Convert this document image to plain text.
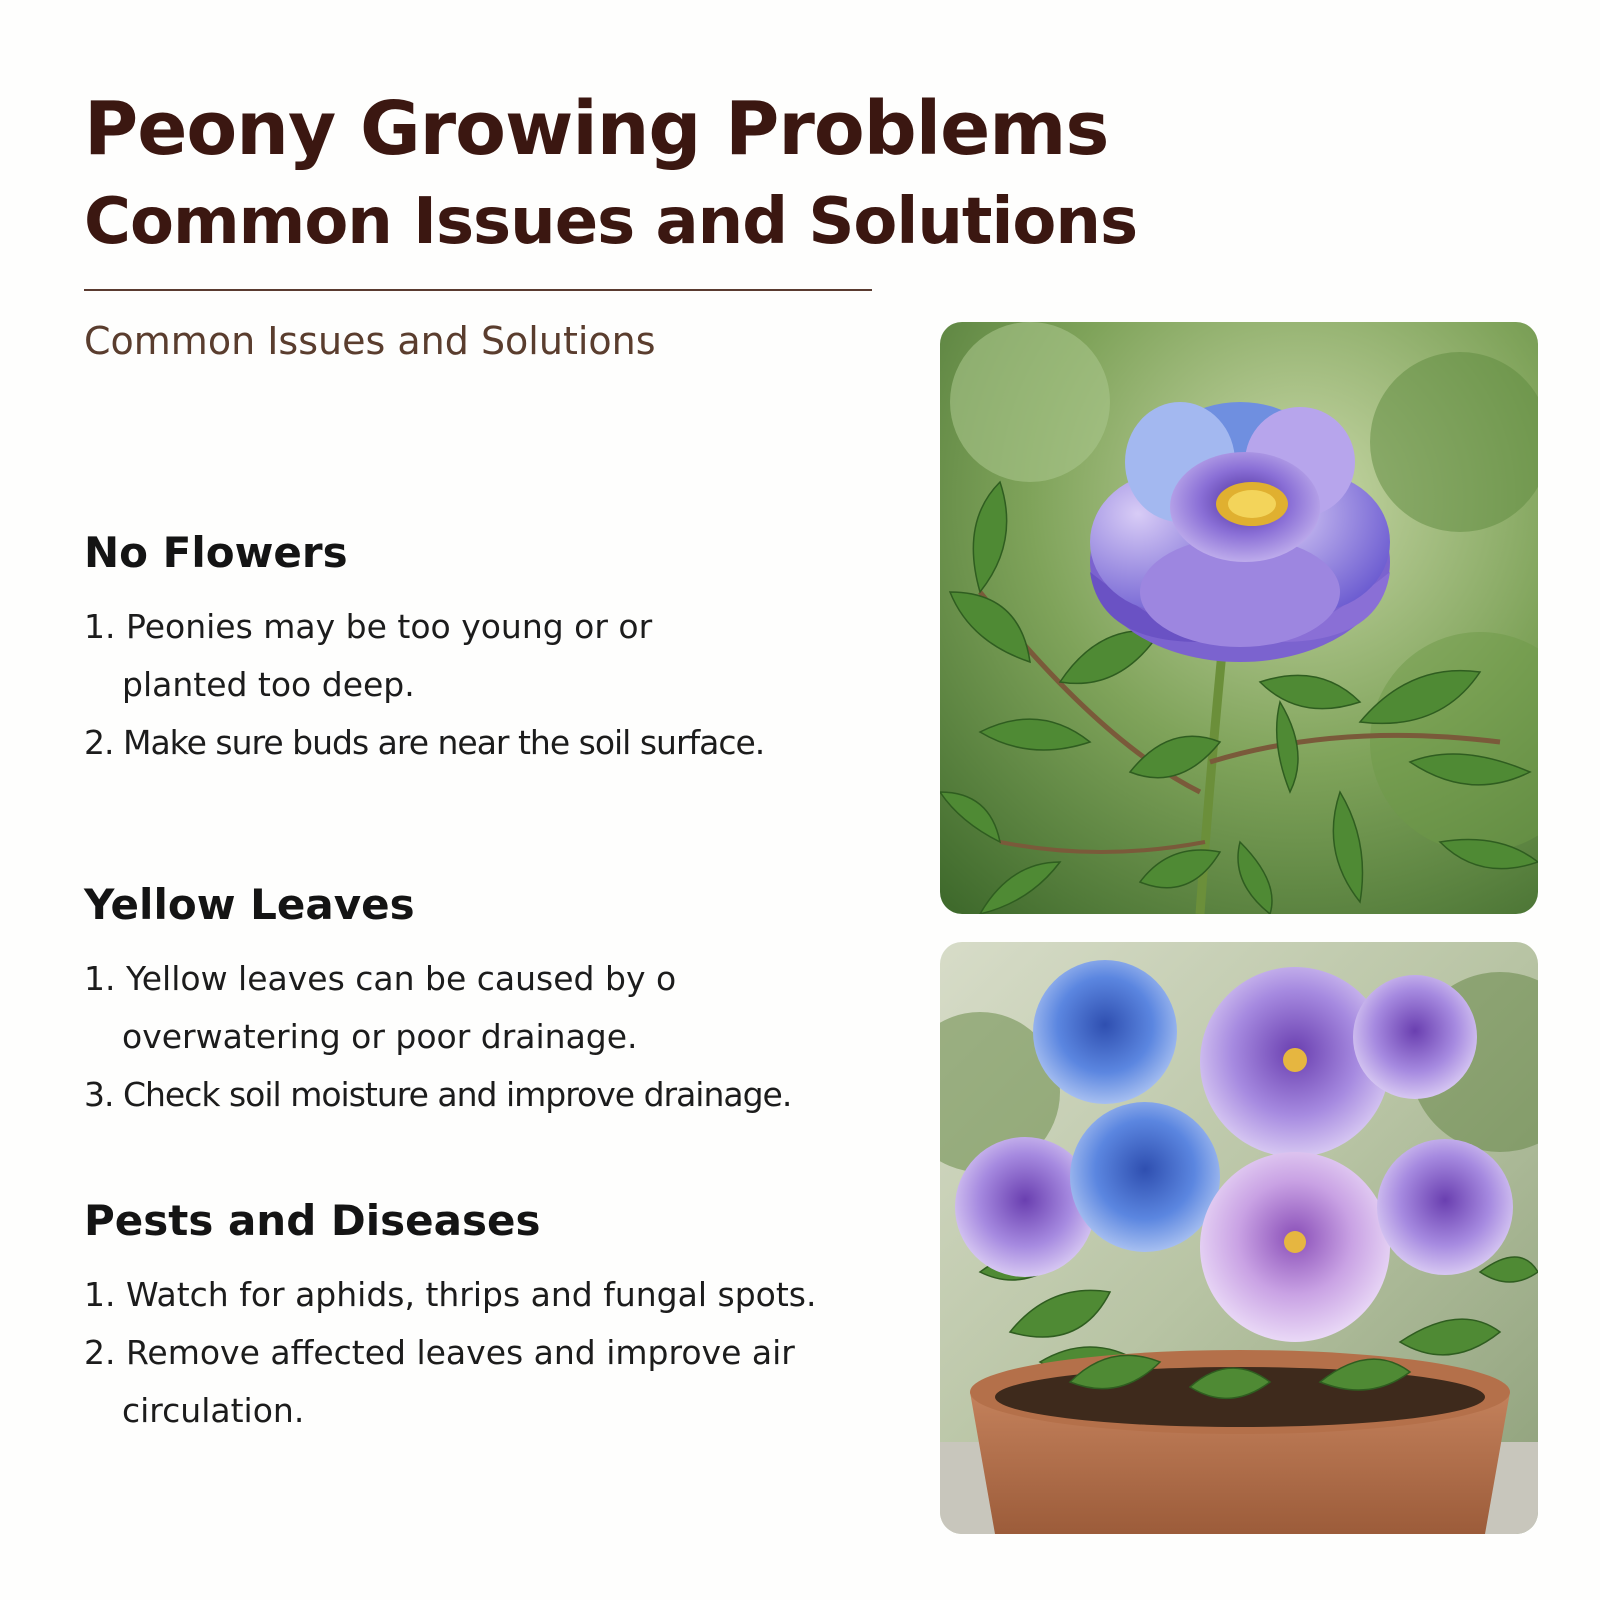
Peony Growing Problems
Common Issues and Solutions

Common Issues and Solutions

No Flowers
1. Peonies may be too young or or planted too deep.
2. Make sure buds are near the soil surface.
Yellow Leaves
1. Yellow leaves can be caused by o overwatering or poor drainage.
3. Check soil moisture and improve drainage.
Pests and Diseases
1. Watch for aphids, thrips and fungal spots.
2. Remove affected leaves and improve air circulation.
